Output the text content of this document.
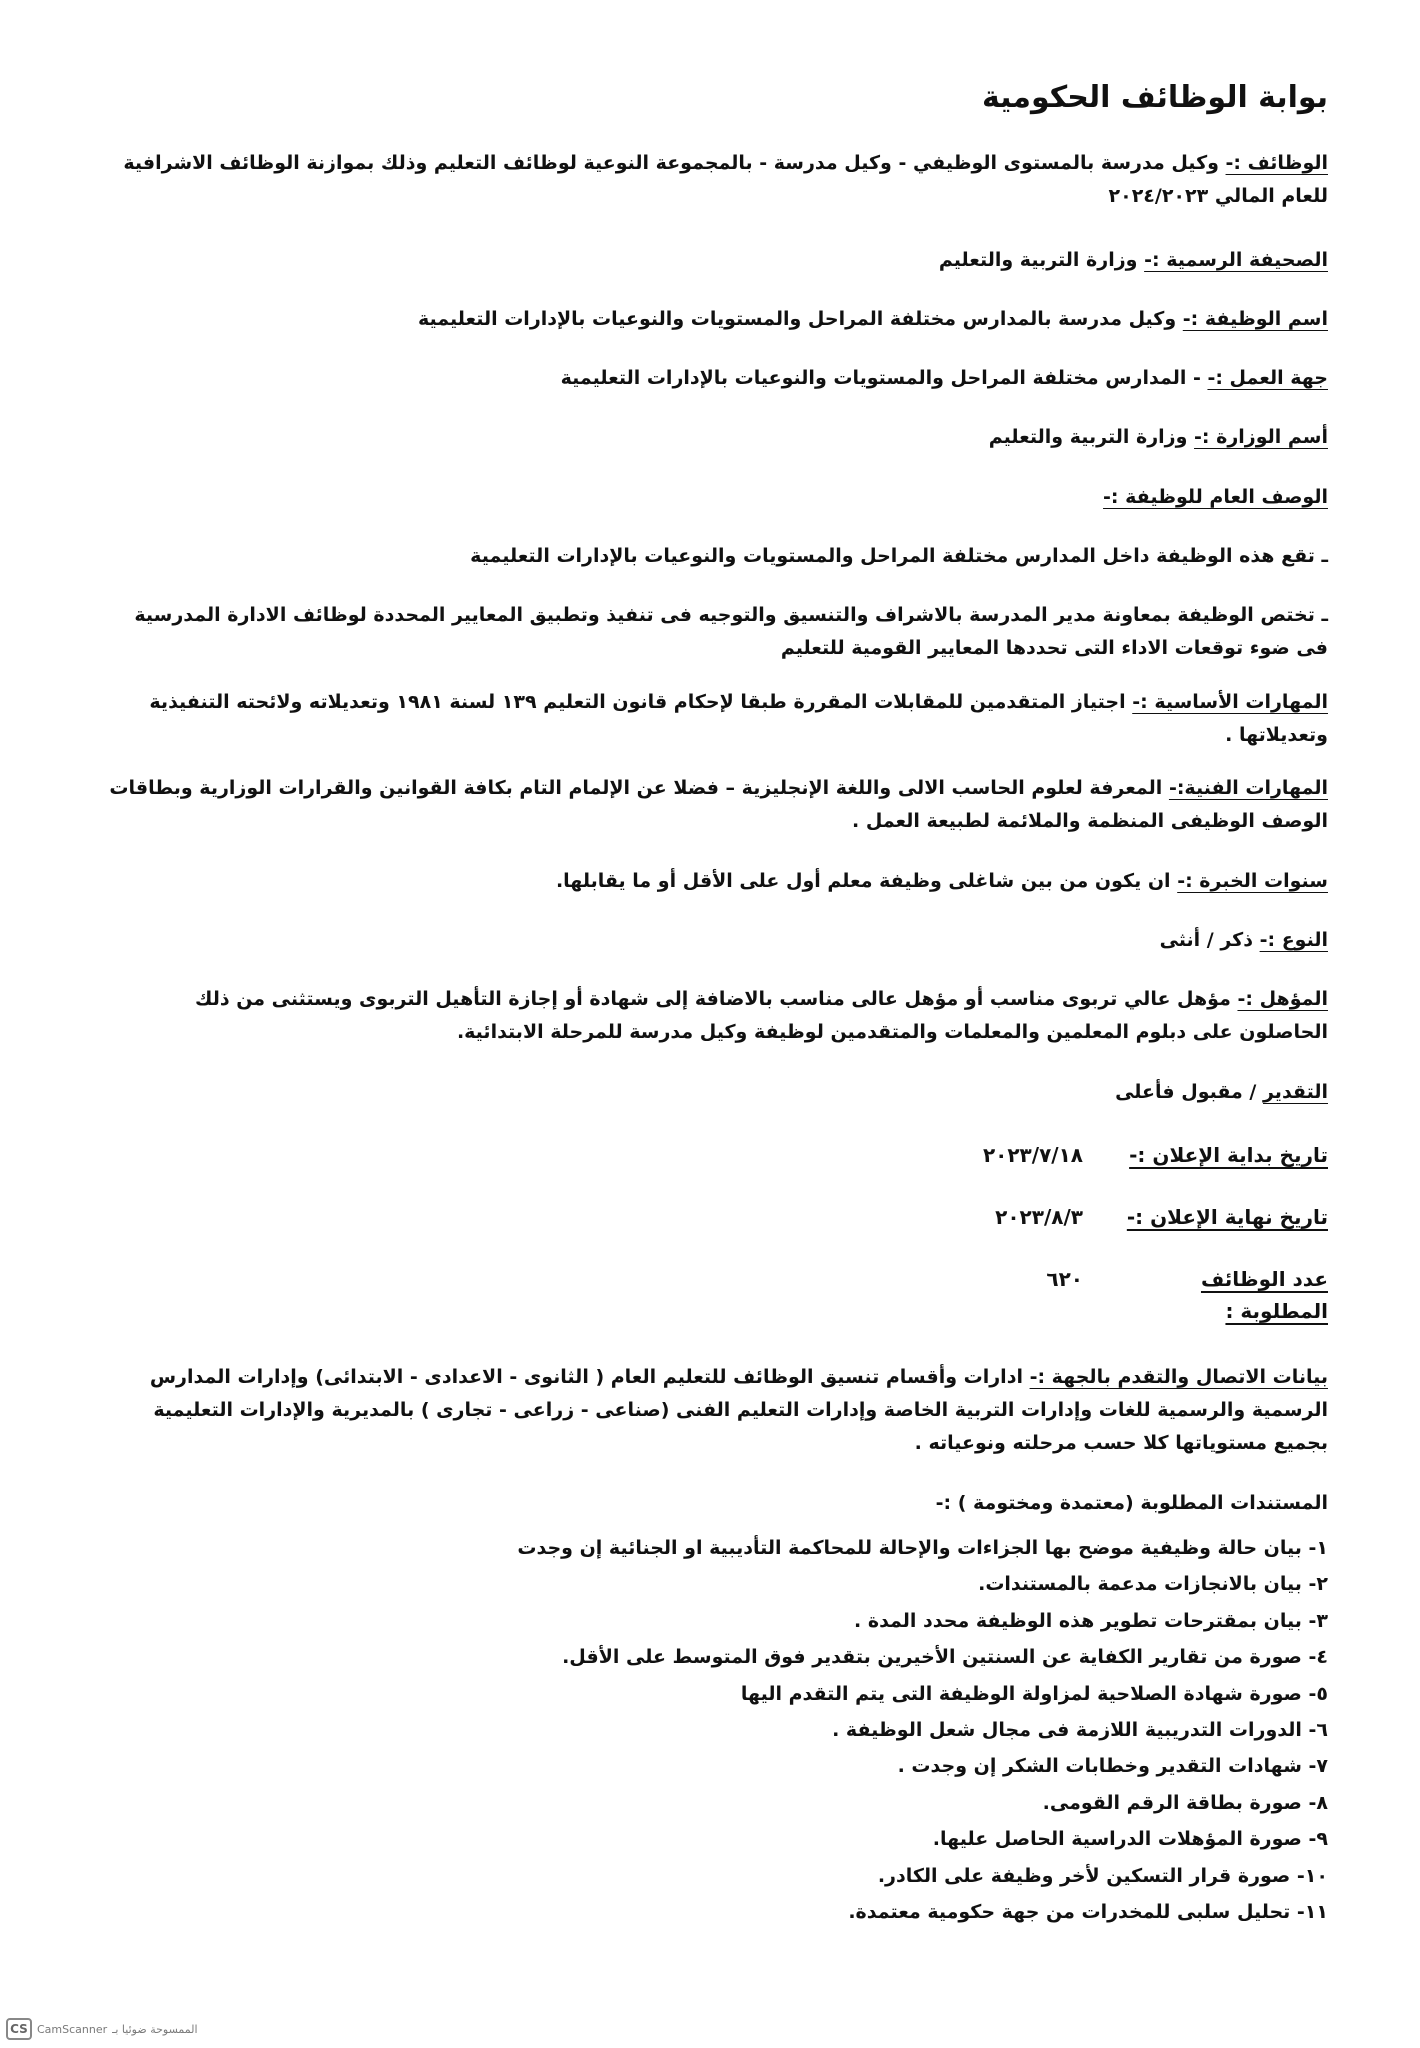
بوابة الوظائف الحكومية

الوظائف :- وكيل مدرسة بالمستوى الوظيفي - وكيل مدرسة - بالمجموعة النوعية لوظائف التعليم وذلك بموازنة الوظائف الاشرافية للعام المالي ٢٠٢٤/٢٠٢٣

الصحيفة الرسمية :- وزارة التربية والتعليم

اسم الوظيفة :- وكيل مدرسة بالمدارس مختلفة المراحل والمستويات والنوعيات بالإدارات التعليمية

جهة العمل :- - المدارس مختلفة المراحل والمستويات والنوعيات بالإدارات التعليمية

أسم الوزارة :- وزارة التربية والتعليم

الوصف العام للوظيفة :-

ـ تقع هذه الوظيفة داخل المدارس مختلفة المراحل والمستويات والنوعيات بالإدارات التعليمية

ـ تختص الوظيفة بمعاونة مدير المدرسة بالاشراف والتنسيق والتوجيه فى تنفيذ وتطبيق المعايير المحددة لوظائف الادارة المدرسية فى ضوء توقعات الاداء التى تحددها المعايير القومية للتعليم

المهارات الأساسية :- اجتياز المتقدمين للمقابلات المقررة طبقا لإحكام قانون التعليم ١٣٩ لسنة ١٩٨١ وتعديلاته ولائحته التنفيذية وتعديلاتها .

المهارات الفنية:- المعرفة لعلوم الحاسب الالى واللغة الإنجليزية – فضلا عن الإلمام التام بكافة القوانين والقرارات الوزارية وبطاقات الوصف الوظيفى المنظمة والملائمة لطبيعة العمل .

سنوات الخبرة :- ان يكون من بين شاغلى وظيفة معلم أول على الأقل أو ما يقابلها.

النوع :- ذكر / أنثى

المؤهل :- مؤهل عالي تربوى مناسب أو مؤهل عالى مناسب بالاضافة إلى شهادة أو إجازة التأهيل التربوى ويستثنى من ذلك الحاصلون على دبلوم المعلمين والمعلمات والمتقدمين لوظيفة وكيل مدرسة للمرحلة الابتدائية.

التقدير / مقبول فأعلى

تاريخ بداية الإعلان :-
٢٠٢٣/٧/١٨
تاريخ نهاية الإعلان :-
٢٠٢٣/٨/٣
عدد الوظائف المطلوبة :
٦٢٠

بيانات الاتصال والتقدم بالجهة :- ادارات وأقسام تنسيق الوظائف للتعليم العام ( الثانوى - الاعدادى - الابتدائى) وإدارات المدارس الرسمية والرسمية للغات وإدارات التربية الخاصة وإدارات التعليم الفنى (صناعى - زراعى - تجارى ) بالمديرية والإدارات التعليمية بجميع مستوياتها كلا حسب مرحلته ونوعياته .

المستندات المطلوبة (معتمدة ومختومة ) :-

١- بيان حالة وظيفية موضح بها الجزاءات والإحالة للمحاكمة التأديبية او الجنائية إن وجدت
٢- بيان بالانجازات مدعمة بالمستندات.
٣- بيان بمقترحات تطوير هذه الوظيفة محدد المدة .
٤- صورة من تقارير الكفاية عن السنتين الأخيرين بتقدير فوق المتوسط على الأقل.
٥- صورة شهادة الصلاحية لمزاولة الوظيفة التى يتم التقدم اليها
٦- الدورات التدريبية اللازمة فى مجال شعل الوظيفة .
٧- شهادات التقدير وخطابات الشكر إن وجدت .
٨- صورة بطاقة الرقم القومى.
٩- صورة المؤهلات الدراسية الحاصل عليها.
١٠- صورة قرار التسكين لأخر وظيفة على الكادر.
١١- تحليل سلبى للمخدرات من جهة حكومية معتمدة.
CS CamScanner الممسوحة ضوئيا بـ
